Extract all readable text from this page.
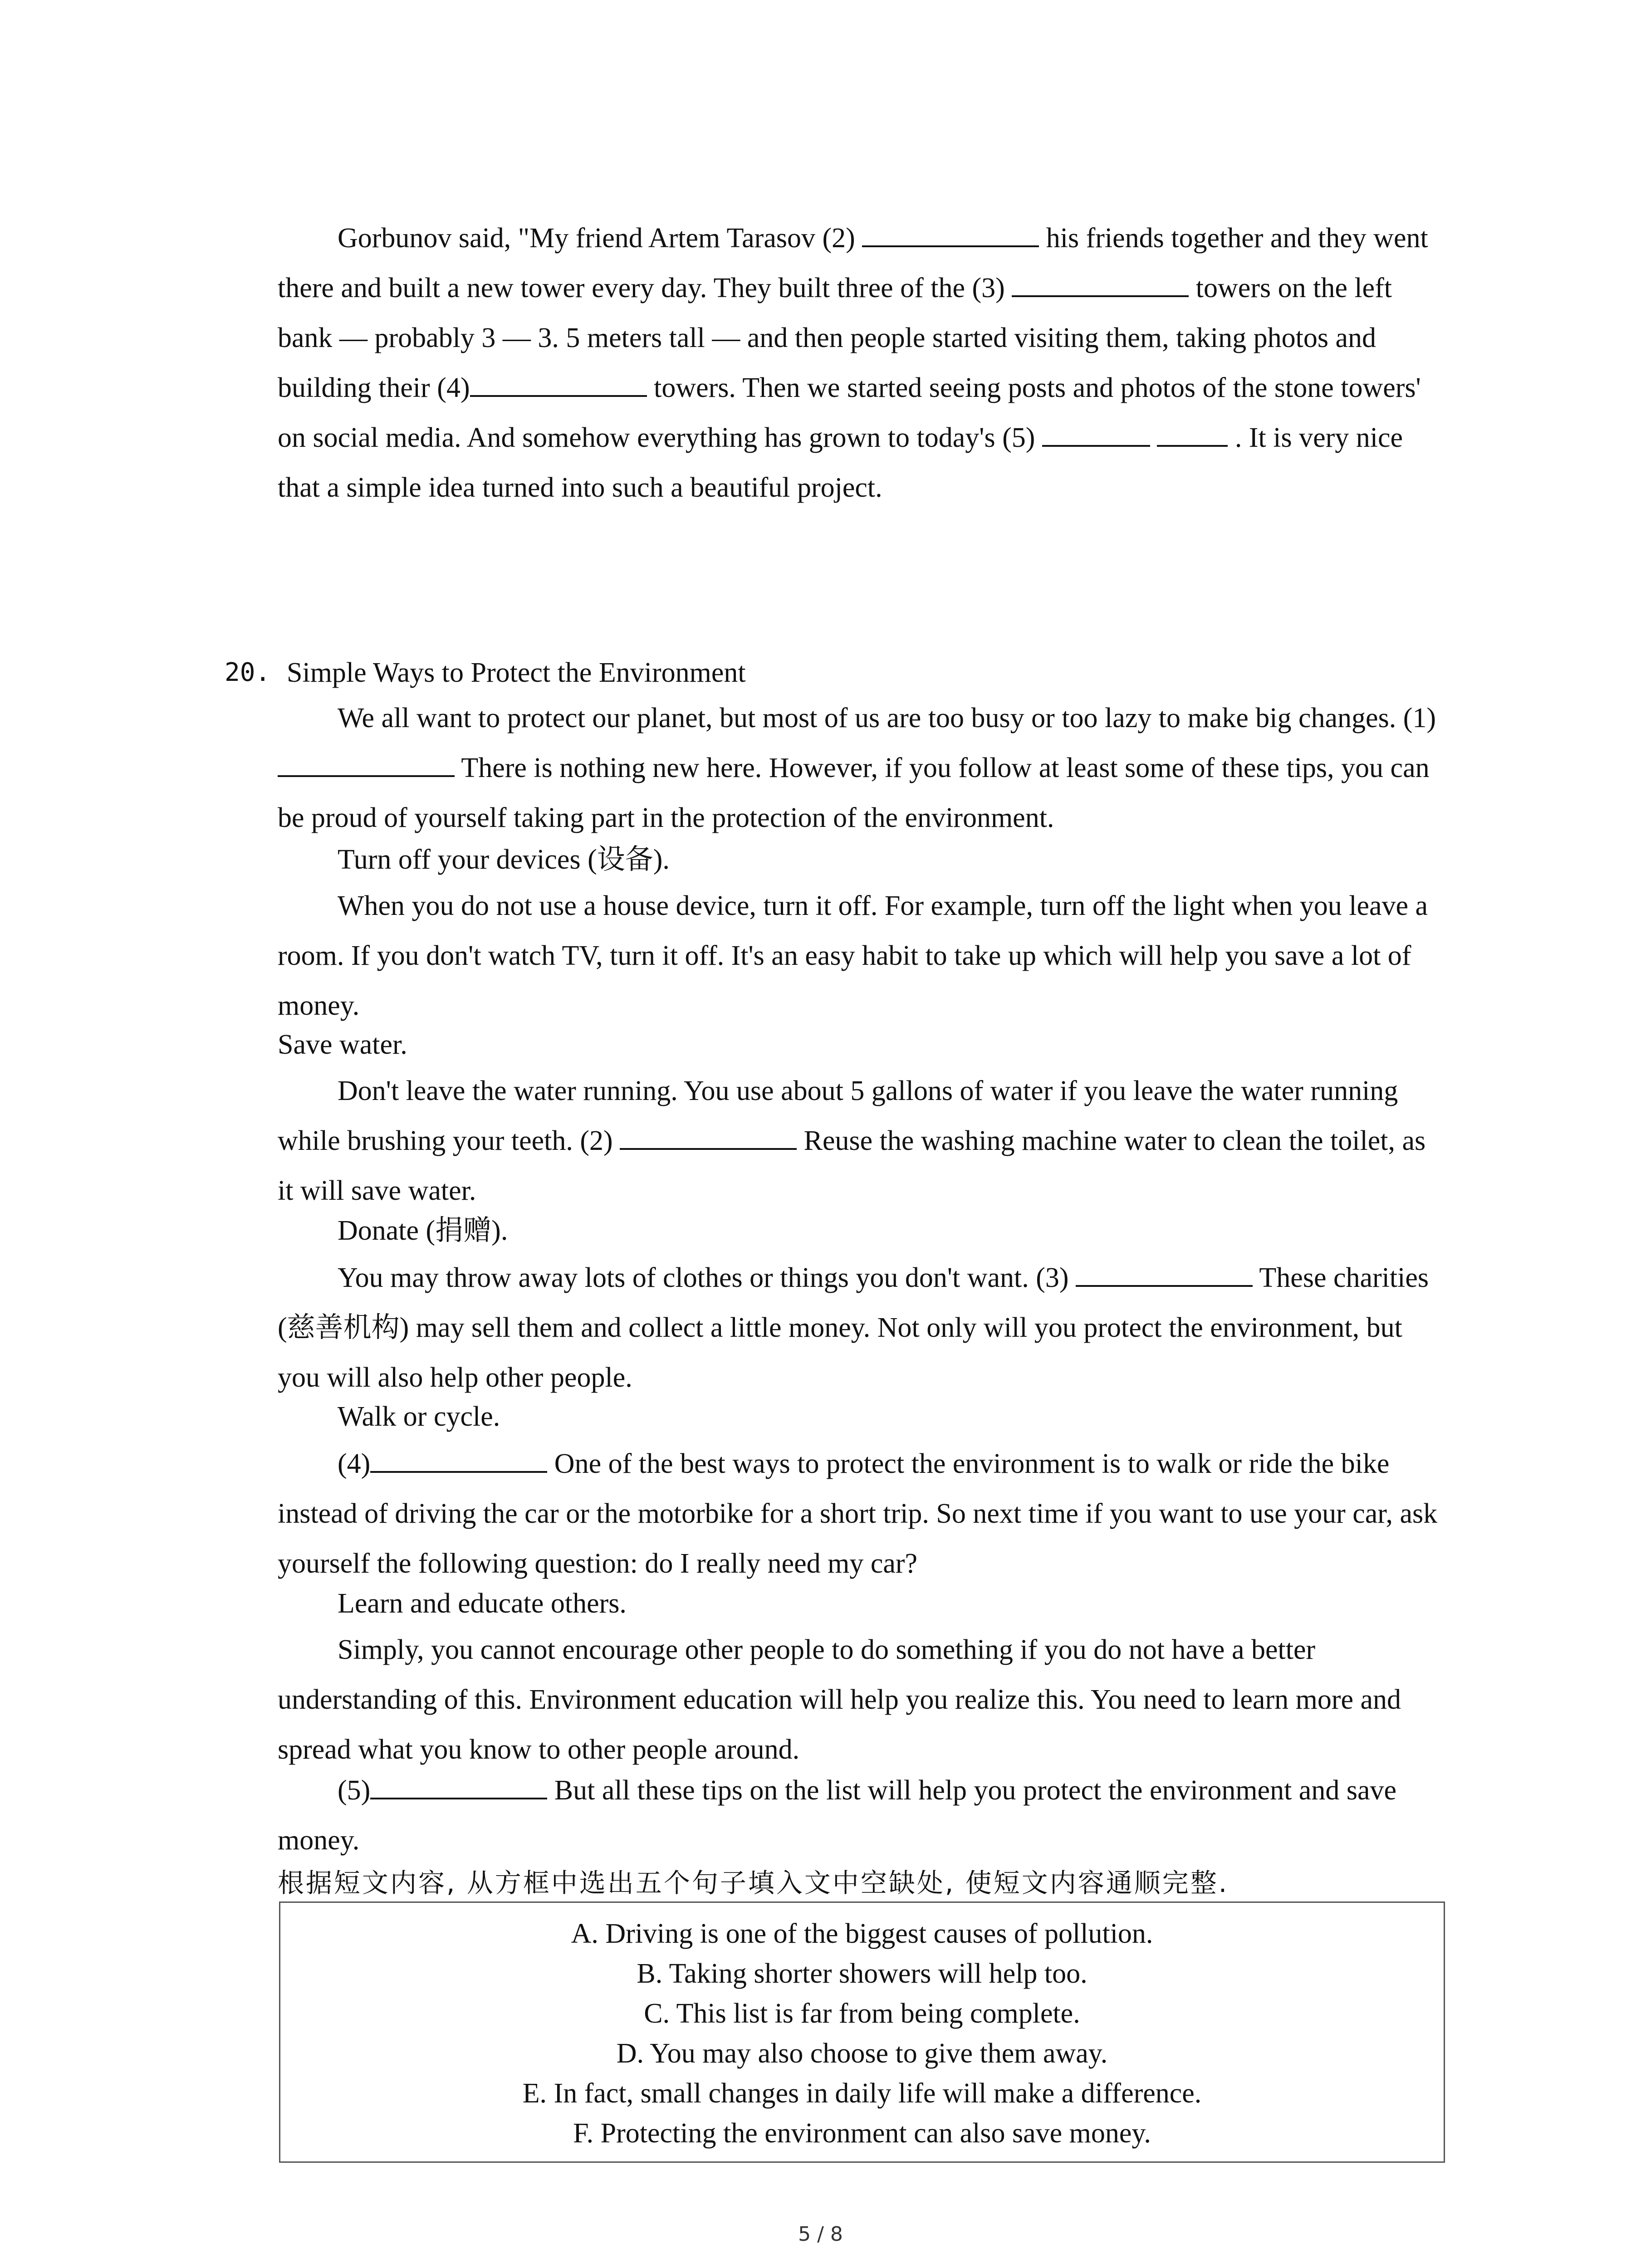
Gorbunov said, "My friend Artem Tarasov (2)	his friends together and they went there and built a new tower every day. They built three of the (3)	towers on the left bank — probably 3 — 3. 5 meters tall — and then people started visiting them, taking photos and building their (4)	towers. Then we started seeing posts and photos of the stone towers' on social media. And somehow everything has grown to today's (5)	. It is very nice that a simple idea turned into such a beautiful project.

20. Simple Ways to Protect the Environment

We all want to protect our planet, but most of us are too busy or too lazy to make big changes. (1)  There is nothing new here. However, if you follow at least some of these tips, you can be proud of yourself taking part in the protection of the environment.

Turn off your devices (设备).

When you do not use a house device, turn it off. For example, turn off the light when you leave a room. If you don't watch TV, turn it off. It's an easy habit to take up which will help you save a lot of money.

Save water.

Don't leave the water running. You use about 5 gallons of water if you leave the water running while brushing your teeth. (2)	Reuse the washing machine water to clean the toilet, as it will save water.

Donate (捐赠).

You may throw away lots of clothes or things you don't want. (3)	These charities (慈善机构) may sell them and collect a little money. Not only will you protect the environment, but you will also help other people.

Walk or cycle.

(4)	One of the best ways to protect the environment is to walk or ride the bike instead of driving the car or the motorbike for a short trip. So next time if you want to use your car, ask yourself the following question: do I really need my car?

Learn and educate others.

Simply, you cannot encourage other people to do something if you do not have a better understanding of this. Environment education will help you realize this. You need to learn more and spread what you know to other people around.

(5)	But all these tips on the list will help you protect the environment and save money.

根据短文内容, 从方框中选出五个句子填入文中空缺处, 使短文内容通顺完整.

A. Driving is one of the biggest causes of pollution.
B. Taking shorter showers will help too.
C. This list is far from being complete.
D. You may also choose to give them away.
E. In fact, small changes in daily life will make a difference.
F. Protecting the environment can also save money.
5 / 8
